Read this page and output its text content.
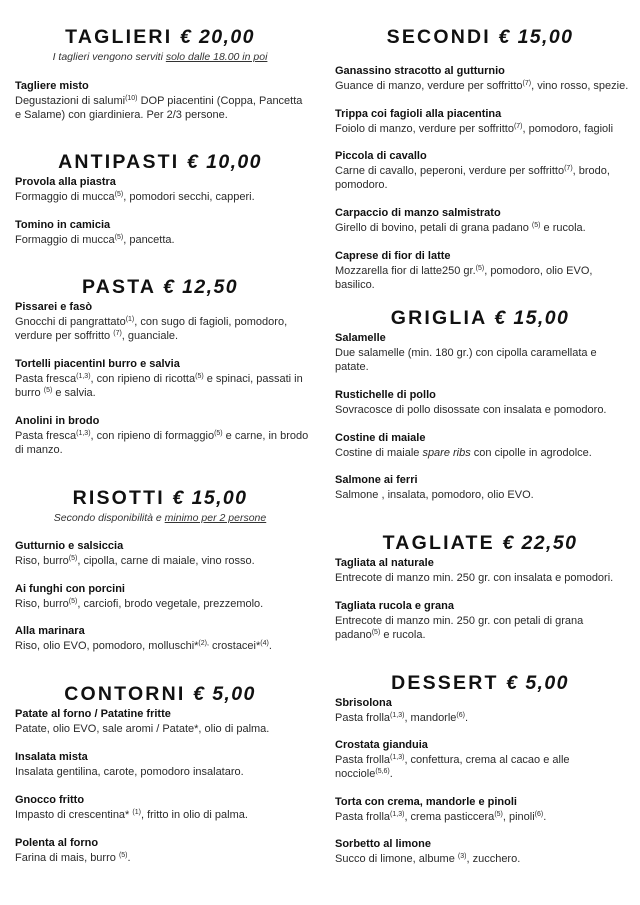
TAGLIERI € 20,00
I taglieri vengono serviti solo dalle 18.00 in poi
Tagliere misto
Degustazioni di salumi$^{(10)}$ DOP piacentini (Coppa, Pancetta e Salame) con giardiniera. Per 2/3 persone.
ANTIPASTI € 10,00
Provola alla piastra
Formaggio di mucca$^{(5)}$, pomodori secchi, capperi.
Tomino in camicia
Formaggio di mucca$^{(5)}$, pancetta.
PASTA € 12,50
Pissarei e fasò
Gnocchi di pangrattato$^{(1)}$, con sugo di fagioli, pomodoro, verdure per soffritto $^{(7)}$, guanciale.
Tortelli piacentinI burro e salvia
Pasta fresca$^{(1,3)}$, con ripieno di ricotta$^{(5)}$ e spinaci, passati in burro $^{(5)}$ e salvia.
Anolini in brodo
Pasta fresca$^{(1,3)}$, con ripieno di formaggio$^{(5)}$ e carne, in brodo di manzo.
RISOTTI € 15,00
Secondo disponibilità e minimo per 2 persone
Gutturnio e salsiccia
Riso, burro$^{(5)}$, cipolla, carne di maiale, vino rosso.
Ai funghi con porcini
Riso, burro$^{(5)}$, carciofi, brodo vegetale, prezzemolo.
Alla marinara
Riso, olio EVO, pomodoro, molluschi*$^{(2),}$ crostacei*$^{(4)}$.
CONTORNI € 5,00
Patate al forno / Patatine fritte
Patate, olio EVO, sale aromi / Patate*, olio di palma.
Insalata mista
Insalata gentilina, carote, pomodoro insalataro.
Gnocco fritto
Impasto di crescentina* $^{(1)}$, fritto in olio di palma.
Polenta al forno
Farina di mais, burro $^{(5)}$.
SECONDI € 15,00
Ganassino stracotto al gutturnio
Guance di manzo, verdure per soffritto$^{(7)}$, vino rosso, spezie.
Trippa coi fagioli alla piacentina
Foiolo di manzo, verdure per soffritto$^{(7)}$, pomodoro, fagioli
Piccola di cavallo
Carne di cavallo, peperoni, verdure per soffritto$^{(7)}$, brodo, pomodoro.
Carpaccio di manzo salmistrato
Girello di bovino, petali di grana padano $^{(5)}$ e rucola.
Caprese di fior di latte
Mozzarella fior di latte250 gr.$^{(5)}$, pomodoro, olio EVO, basilico.
GRIGLIA € 15,00
Salamelle
Due salamelle (min. 180 gr.) con cipolla caramellata e patate.
Rustichelle di pollo
Sovracosce di pollo disossate con insalata e pomodoro.
Costine di maiale
Costine di maiale spare ribs con cipolle in agrodolce.
Salmone ai ferri
Salmone , insalata, pomodoro, olio EVO.
TAGLIATE € 22,50
Tagliata al naturale
Entrecote di manzo min. 250 gr. con insalata e pomodori.
Tagliata rucola e grana
Entrecote di manzo min. 250 gr. con petali di grana padano$^{(5)}$ e rucola.
DESSERT € 5,00
Sbrisolona
Pasta frolla$^{(1,3)}$, mandorle$^{(6)}$.
Crostata gianduia
Pasta frolla$^{(1,3)}$, confettura, crema al cacao e alle nocciole$^{(5,6)}$.
Torta con crema, mandorle e pinoli
Pasta frolla$^{(1,3)}$, crema pasticcera$^{(5)}$, pinoli$^{(6)}$.
Sorbetto al limone
Succo di limone, albume $^{(3)}$, zucchero.
